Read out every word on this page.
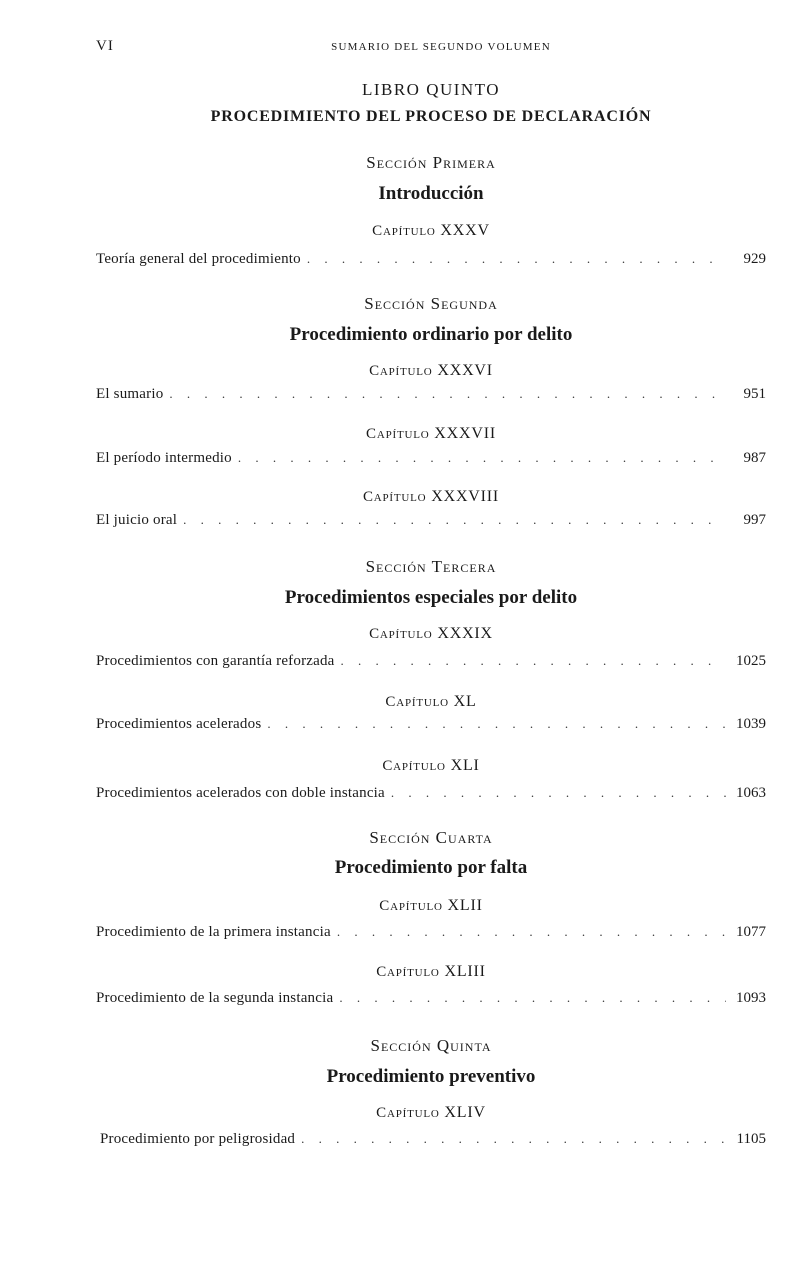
VI	SUMARIO DEL SEGUNDO VOLUMEN
LIBRO QUINTO
PROCEDIMIENTO DEL PROCESO DE DECLARACIÓN
Sección Primera
Introducción
Capítulo XXXV
Teoría general del procedimiento . . .	929
Sección Segunda
Procedimiento ordinario por delito
Capítulo XXXVI
El sumario . . .	951
Capítulo XXXVII
El período intermedio . . .	987
Capítulo XXXVIII
El juicio oral . . .	997
Sección Tercera
Procedimientos especiales por delito
Capítulo XXXIX
Procedimientos con garantía reforzada . . .	1025
Capítulo XL
Procedimientos acelerados . . .	1039
Capítulo XLI
Procedimientos acelerados con doble instancia . . .	1063
Sección Cuarta
Procedimiento por falta
Capítulo XLII
Procedimiento de la primera instancia . . .	1077
Capítulo XLIII
Procedimiento de la segunda instancia . . .	1093
Sección Quinta
Procedimiento preventivo
Capítulo XLIV
Procedimiento por peligrosidad . . .	1105
